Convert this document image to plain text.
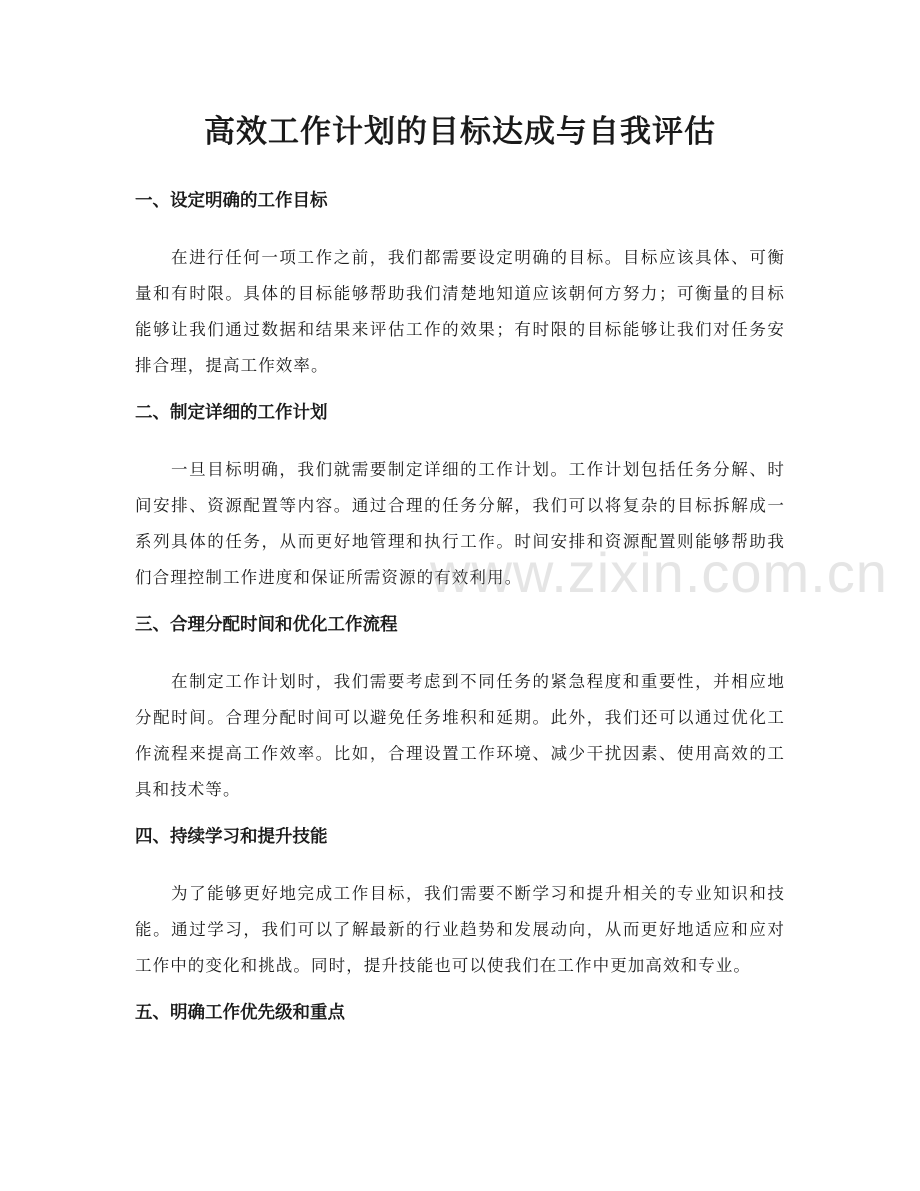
高效工作计划的目标达成与自我评估
一、设定明确的工作目标

在进行任何一项工作之前，我们都需要设定明确的目标。目标应该具体、可衡量和有时限。具体的目标能够帮助我们清楚地知道应该朝何方努力；可衡量的目标能够让我们通过数据和结果来评估工作的效果；有时限的目标能够让我们对任务安排合理，提高工作效率。

二、制定详细的工作计划

一旦目标明确，我们就需要制定详细的工作计划。工作计划包括任务分解、时间安排、资源配置等内容。通过合理的任务分解，我们可以将复杂的目标拆解成一系列具体的任务，从而更好地管理和执行工作。时间安排和资源配置则能够帮助我们合理控制工作进度和保证所需资源的有效利用。

三、合理分配时间和优化工作流程

在制定工作计划时，我们需要考虑到不同任务的紧急程度和重要性，并相应地分配时间。合理分配时间可以避免任务堆积和延期。此外，我们还可以通过优化工作流程来提高工作效率。比如，合理设置工作环境、减少干扰因素、使用高效的工具和技术等。

四、持续学习和提升技能

为了能够更好地完成工作目标，我们需要不断学习和提升相关的专业知识和技能。通过学习，我们可以了解最新的行业趋势和发展动向，从而更好地适应和应对工作中的变化和挑战。同时，提升技能也可以使我们在工作中更加高效和专业。

五、明确工作优先级和重点
www.zixin.com.cn
